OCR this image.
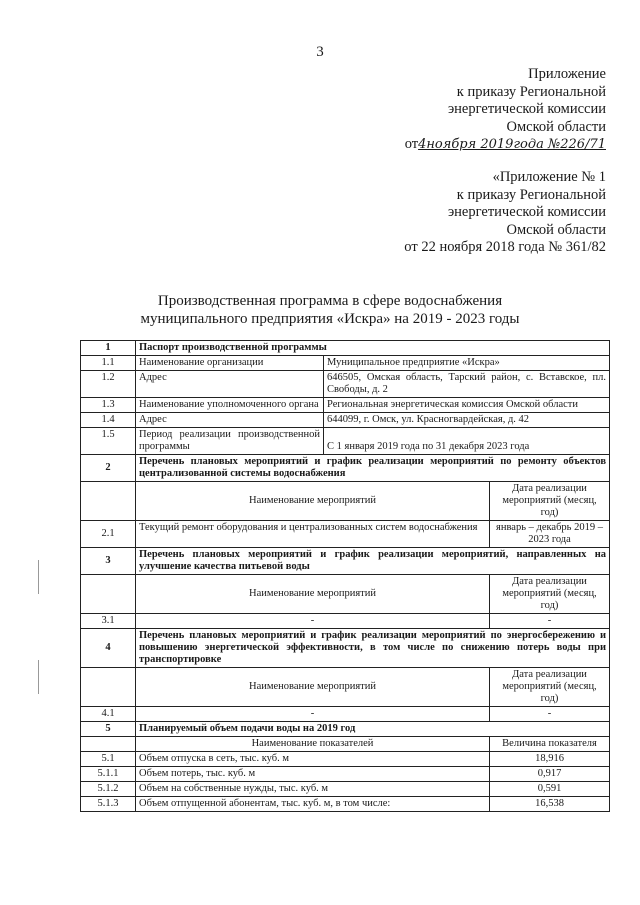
3
Приложение
к приказу Региональной
энергетической комиссии
Омской области
от4ноября 2019года №226/71
«Приложение № 1
к приказу Региональной
энергетической комиссии
Омской области
от 22 ноября 2018 года № 361/82
Производственная программа в сфере водоснабжения
муниципального предприятия «Искра» на 2019 - 2023 годы
1	Паспорт производственной программы		
1.1	Наименование организации	Муниципальное предприятие «Искра»	
1.2	Адрес	646505, Омская область, Тарский район, с. Вставское, пл. Свободы, д. 2	
1.3	Наименование уполномоченного органа	Региональная энергетическая комиссия Омской области	
1.4	Адрес	644099, г. Омск, ул. Красногвардейская, д. 42	
1.5	Период реализации производственной программы	С 1 января 2019 года по 31 декабря 2023 года	
2	Перечень плановых мероприятий и график реализации мероприятий по ремонту объектов централизованной системы водоснабжения		
	Наименование мероприятий		Дата реализации мероприятий (месяц, год)
2.1	Текущий ремонт оборудования и централизованных систем водоснабжения		январь – декабрь 2019 – 2023 года
3	Перечень плановых мероприятий и график реализации мероприятий, направленных на улучшение качества питьевой воды		
	Наименование мероприятий		Дата реализации мероприятий (месяц, год)
3.1	-		-
4	Перечень плановых мероприятий и график реализации мероприятий по энергосбережению и повышению энергетической эффективности, в том числе по снижению потерь воды при транспортировке		
	Наименование мероприятий		Дата реализации мероприятий (месяц, год)
4.1	-		-
5	Планируемый объем подачи воды на 2019 год		
	Наименование показателей		Величина показателя
5.1	Объем отпуска в сеть, тыс. куб. м		18,916
5.1.1	Объем потерь, тыс. куб. м		0,917
5.1.2	Объем на собственные нужды, тыс. куб. м		0,591
5.1.3	Объем отпущенной абонентам, тыс. куб. м, в том числе:		16,538
